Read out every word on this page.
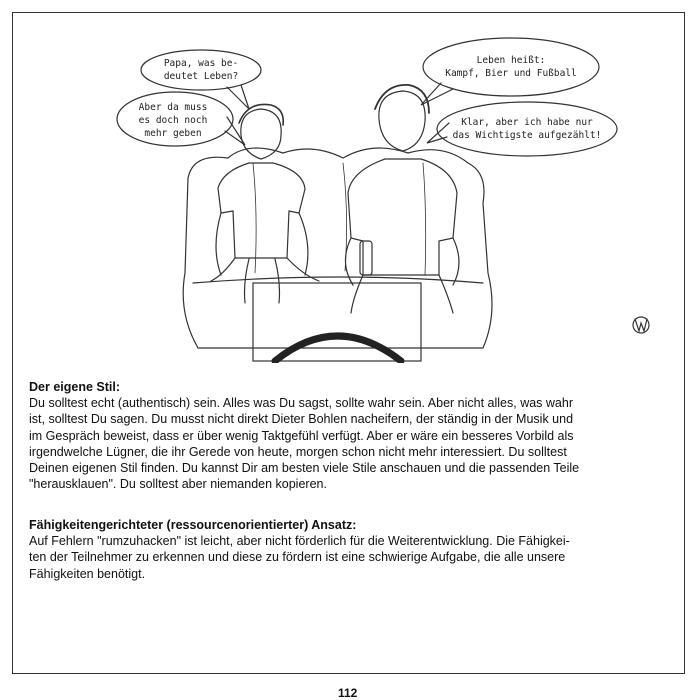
Papa, was be-
deutet Leben?
Aber da muss
es doch noch
mehr geben
Leben heißt:
Kampf, Bier und Fußball
Klar, aber ich habe nur
das Wichtigste aufgezählt!
Der eigene Stil:

Du solltest echt (authentisch) sein. Alles was Du sagst, sollte wahr sein. Aber nicht alles, was wahr

ist, solltest Du sagen. Du musst nicht direkt Dieter Bohlen nacheifern, der ständig in der Musik und

im Gespräch beweist, dass er über wenig Taktgefühl verfügt. Aber er wäre ein besseres Vorbild als

irgendwelche Lügner, die ihr Gerede von heute, morgen schon nicht mehr interessiert. Du solltest

Deinen eigenen Stil finden. Du kannst Dir am besten viele Stile anschauen und die passenden Teile

"herausklauen". Du solltest aber niemanden kopieren.

Fähigkeitengerichteter (ressourcenorientierter) Ansatz:

Auf Fehlern "rumzuhacken" ist leicht, aber nicht förderlich für die Weiterentwicklung. Die Fähigkei-

ten der Teilnehmer zu erkennen und diese zu fördern ist eine schwierige Aufgabe, die alle unsere

Fähigkeiten benötigt.

112
